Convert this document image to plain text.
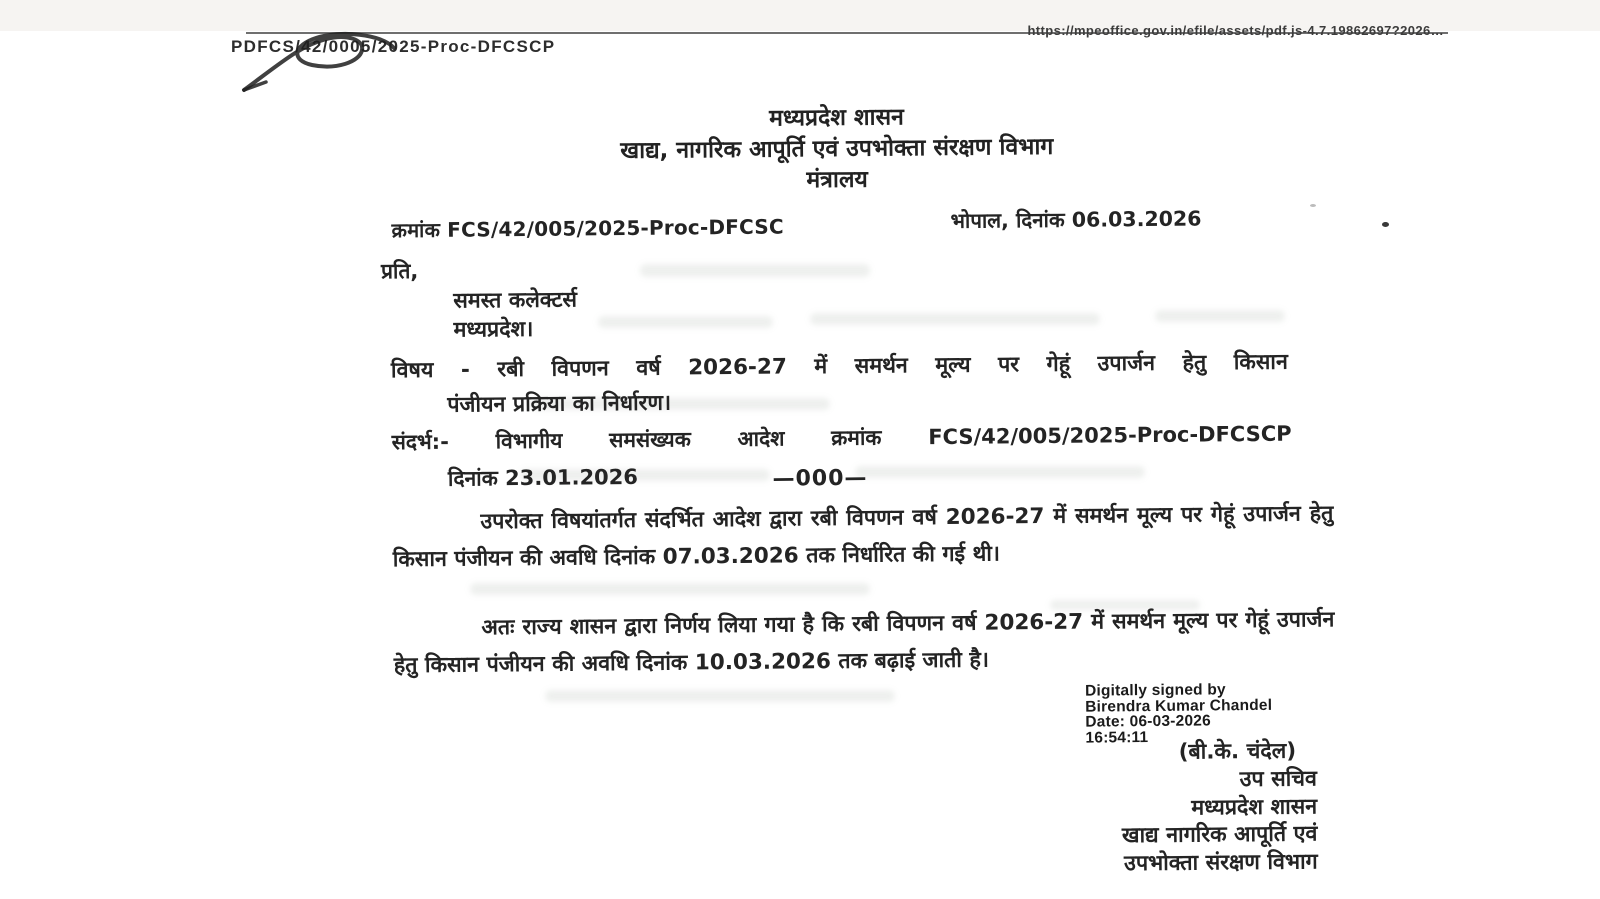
PDFCS/42/0005/2025-Proc-DFCSCP
https://mpeoffice.gov.in/efile/assets/pdf.js-4.7.19862697?2026…
मध्यप्रदेश शासन
खाद्य, नागरिक आपूर्ति एवं उपभोक्ता संरक्षण विभाग
मंत्रालय
क्रमांक FCS/42/005/2025-Proc-DFCSC	भोपाल, दिनांक 06.03.2026
प्रति,
समस्त कलेक्टर्स
मध्यप्रदेश।
विषय - रबी विपणन वर्ष 2026-27 में समर्थन मूल्य पर गेहूं उपार्जन हेतु किसान
पंजीयन प्रक्रिया का निर्धारण।
संदर्भ:- विभागीय समसंख्यक आदेश क्रमांक FCS/42/005/2025-Proc-DFCSCP
दिनांक 23.01.2026	—000—
उपरोक्त विषयांतर्गत संदर्भित आदेश द्वारा रबी विपणन वर्ष 2026-27 में समर्थन मूल्य पर गेहूं उपार्जन हेतु किसान पंजीयन की अवधि दिनांक 07.03.2026 तक निर्धारित की गई थी।
अतः राज्य शासन द्वारा निर्णय लिया गया है कि रबी विपणन वर्ष 2026-27 में समर्थन मूल्य पर गेहूं उपार्जन हेतु किसान पंजीयन की अवधि दिनांक 10.03.2026 तक बढ़ाई जाती है।
Digitally signed by
Birendra Kumar Chandel
Date: 06-03-2026
16:54:11
(बी.के. चंदेल)
उप सचिव
मध्यप्रदेश शासन
खाद्य नागरिक आपूर्ति एवं
उपभोक्ता संरक्षण विभाग
